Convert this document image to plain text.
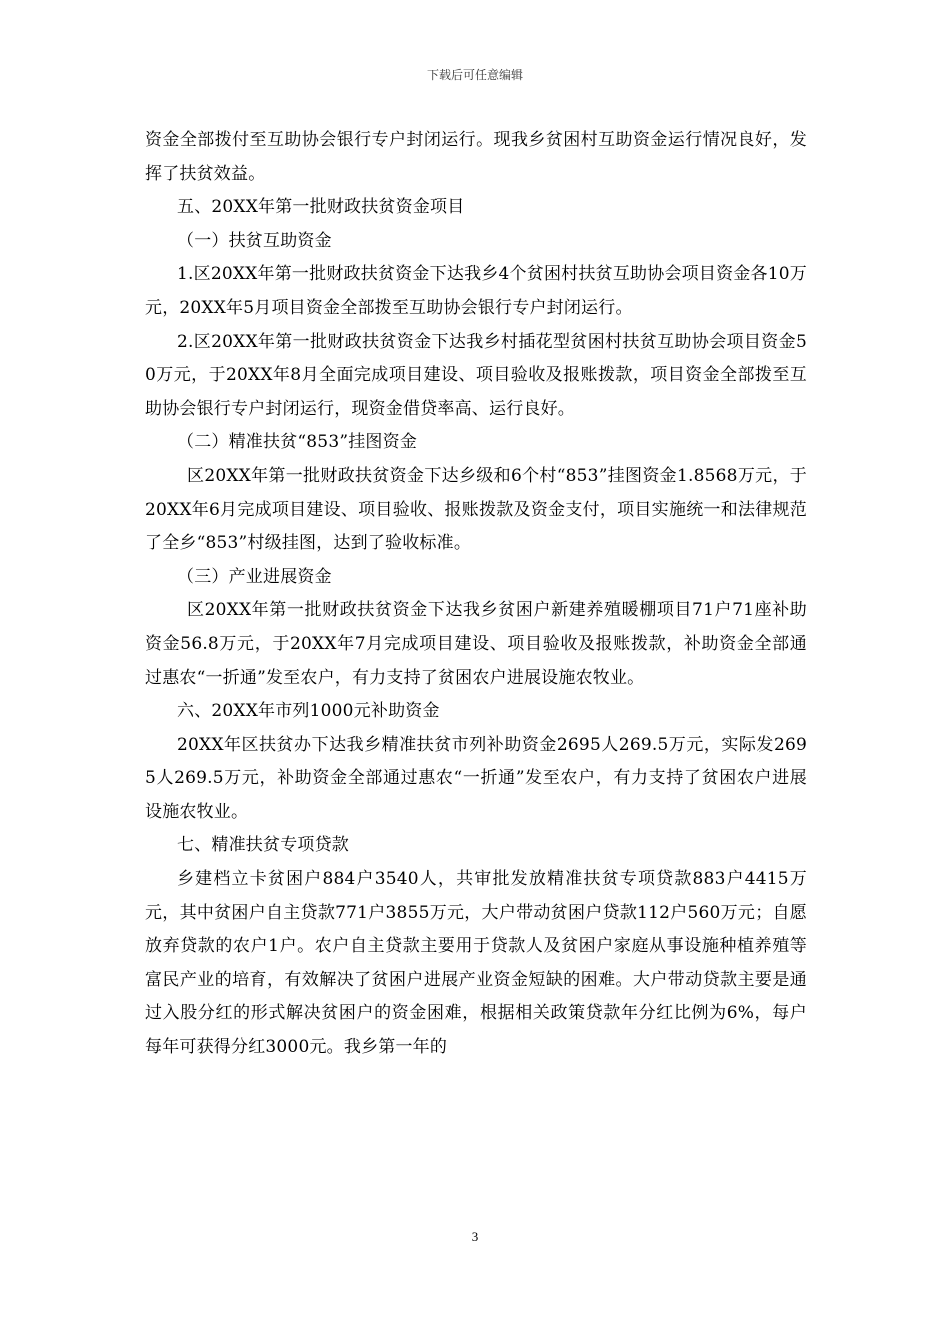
下载后可任意编辑

资金全部拨付至互助协会银行专户封闭运行。现我乡贫困村互助资金运行情况良好，发挥了扶贫效益。

五、20XX年第一批财政扶贫资金项目

（一）扶贫互助资金

1.区20XX年第一批财政扶贫资金下达我乡4个贫困村扶贫互助协会项目资金各10万元，20XX年5月项目资金全部拨至互助协会银行专户封闭运行。

2.区20XX年第一批财政扶贫资金下达我乡村插花型贫困村扶贫互助协会项目资金50万元，于20XX年8月全面完成项目建设、项目验收及报账拨款，项目资金全部拨至互助协会银行专户封闭运行，现资金借贷率高、运行良好。

（二）精准扶贫“853”挂图资金

区20XX年第一批财政扶贫资金下达乡级和6个村“853”挂图资金1.8568万元，于20XX年6月完成项目建设、项目验收、报账拨款及资金支付，项目实施统一和法律规范了全乡“853”村级挂图，达到了验收标准。

（三）产业进展资金

区20XX年第一批财政扶贫资金下达我乡贫困户新建养殖暖棚项目71户71座补助资金56.8万元，于20XX年7月完成项目建设、项目验收及报账拨款，补助资金全部通过惠农“一折通”发至农户，有力支持了贫困农户进展设施农牧业。

六、20XX年市列1000元补助资金

20XX年区扶贫办下达我乡精准扶贫市列补助资金2695人269.5万元，实际发2695人269.5万元，补助资金全部通过惠农“一折通”发至农户，有力支持了贫困农户进展设施农牧业。

七、精准扶贫专项贷款

乡建档立卡贫困户884户3540人，共审批发放精准扶贫专项贷款883户4415万元，其中贫困户自主贷款771户3855万元，大户带动贫困户贷款112户560万元；自愿放弃贷款的农户1户。农户自主贷款主要用于贷款人及贫困户家庭从事设施种植养殖等富民产业的培育，有效解决了贫困户进展产业资金短缺的困难。大户带动贷款主要是通过入股分红的形式解决贫困户的资金困难，根据相关政策贷款年分红比例为6%，每户每年可获得分红3000元。我乡第一年的

3
